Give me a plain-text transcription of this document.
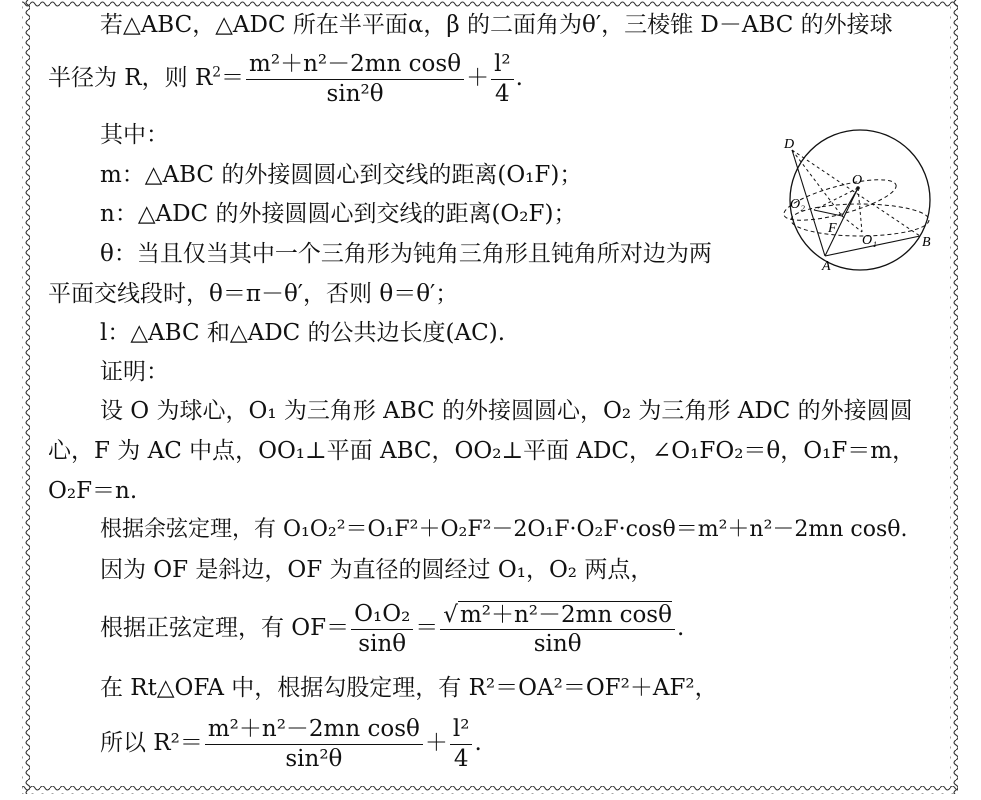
若△ABC，△ADC 所在半平面α，β 的二面角为θ′，三棱锥 D－ABC 的外接球
半径为 R，则 $R^2= \frac{\text{m²＋n²－2mn cosθ}}{\text{sin²θ}} + \frac{\text{l²}}{4}$ .
其中：
m：△ABC 的外接圆圆心到交线的距离(O₁F)；
n：△ADC 的外接圆圆心到交线的距离(O₂F)；
θ：当且仅当其中一个三角形为钝角三角形且钝角所对边为两
平面交线段时，θ＝π－θ′，否则 θ＝θ′；
l：△ABC 和△ADC 的公共边长度(AC).
证明：
设 O 为球心，O₁ 为三角形 ABC 的外接圆圆心，O₂ 为三角形 ADC 的外接圆圆
心，F 为 AC 中点，OO₁⊥平面 ABC，OO₂⊥平面 ADC，∠O₁FO₂＝θ，O₁F＝m，
O₂F＝n.
根据余弦定理，有 O₁O₂²＝O₁F²＋O₂F²－2O₁F·O₂F·cosθ＝m²＋n²－2mn cosθ.
因为 OF 是斜边，OF 为直径的圆经过 O₁，O₂ 两点，
根据正弦定理，有 $OF= \frac{\text{O₁O₂}}{\sin\theta} = \frac{\text{√m²＋n²－2mn cosθ}}{\sin\theta}$ .
在 Rt△OFA 中，根据勾股定理，有 R²＝OA²＝OF²＋AF²，
所以 $R^2= \frac{\text{m²＋n²－2mn cosθ}}{\text{sin²θ}} + \frac{\text{l²}}{4}$ .
D
O
O₂
F
O₁	B
A
